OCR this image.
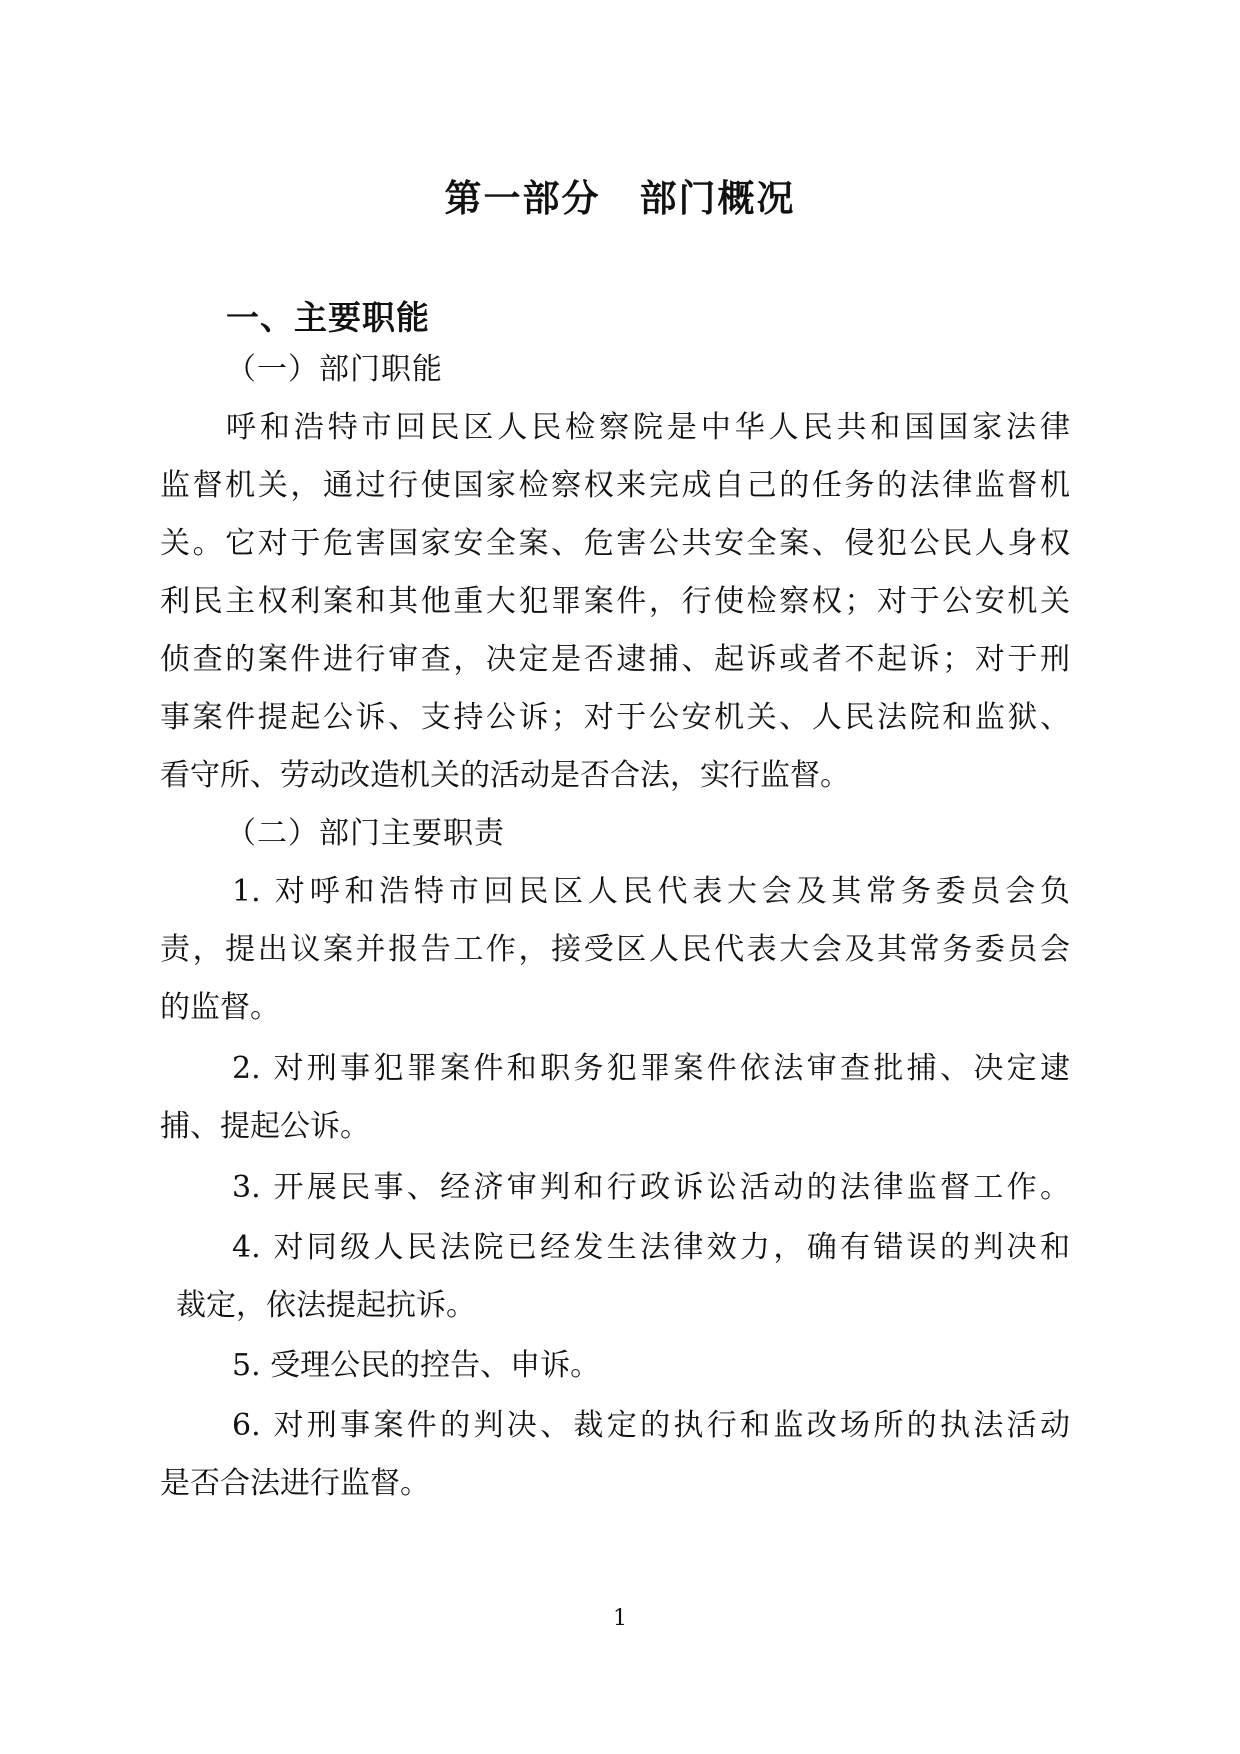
第一部分　部门概况
一、主要职能
（一）部门职能
呼和浩特市回民区人民检察院是中华人民共和国国家法律
监督机关，通过行使国家检察权来完成自己的任务的法律监督机
关。它对于危害国家安全案、危害公共安全案、侵犯公民人身权
利民主权利案和其他重大犯罪案件，行使检察权；对于公安机关
侦查的案件进行审查，决定是否逮捕、起诉或者不起诉；对于刑
事案件提起公诉、支持公诉；对于公安机关、人民法院和监狱、
看守所、劳动改造机关的活动是否合法，实行监督。
（二）部门主要职责
1. 对呼和浩特市回民区人民代表大会及其常务委员会负
责，提出议案并报告工作，接受区人民代表大会及其常务委员会
的监督。
2. 对刑事犯罪案件和职务犯罪案件依法审查批捕、决定逮
捕、提起公诉。
3. 开展民事、经济审判和行政诉讼活动的法律监督工作。
4. 对同级人民法院已经发生法律效力，确有错误的判决和
裁定，依法提起抗诉。
5. 受理公民的控告、申诉。
6. 对刑事案件的判决、裁定的执行和监改场所的执法活动
是否合法进行监督。
1
